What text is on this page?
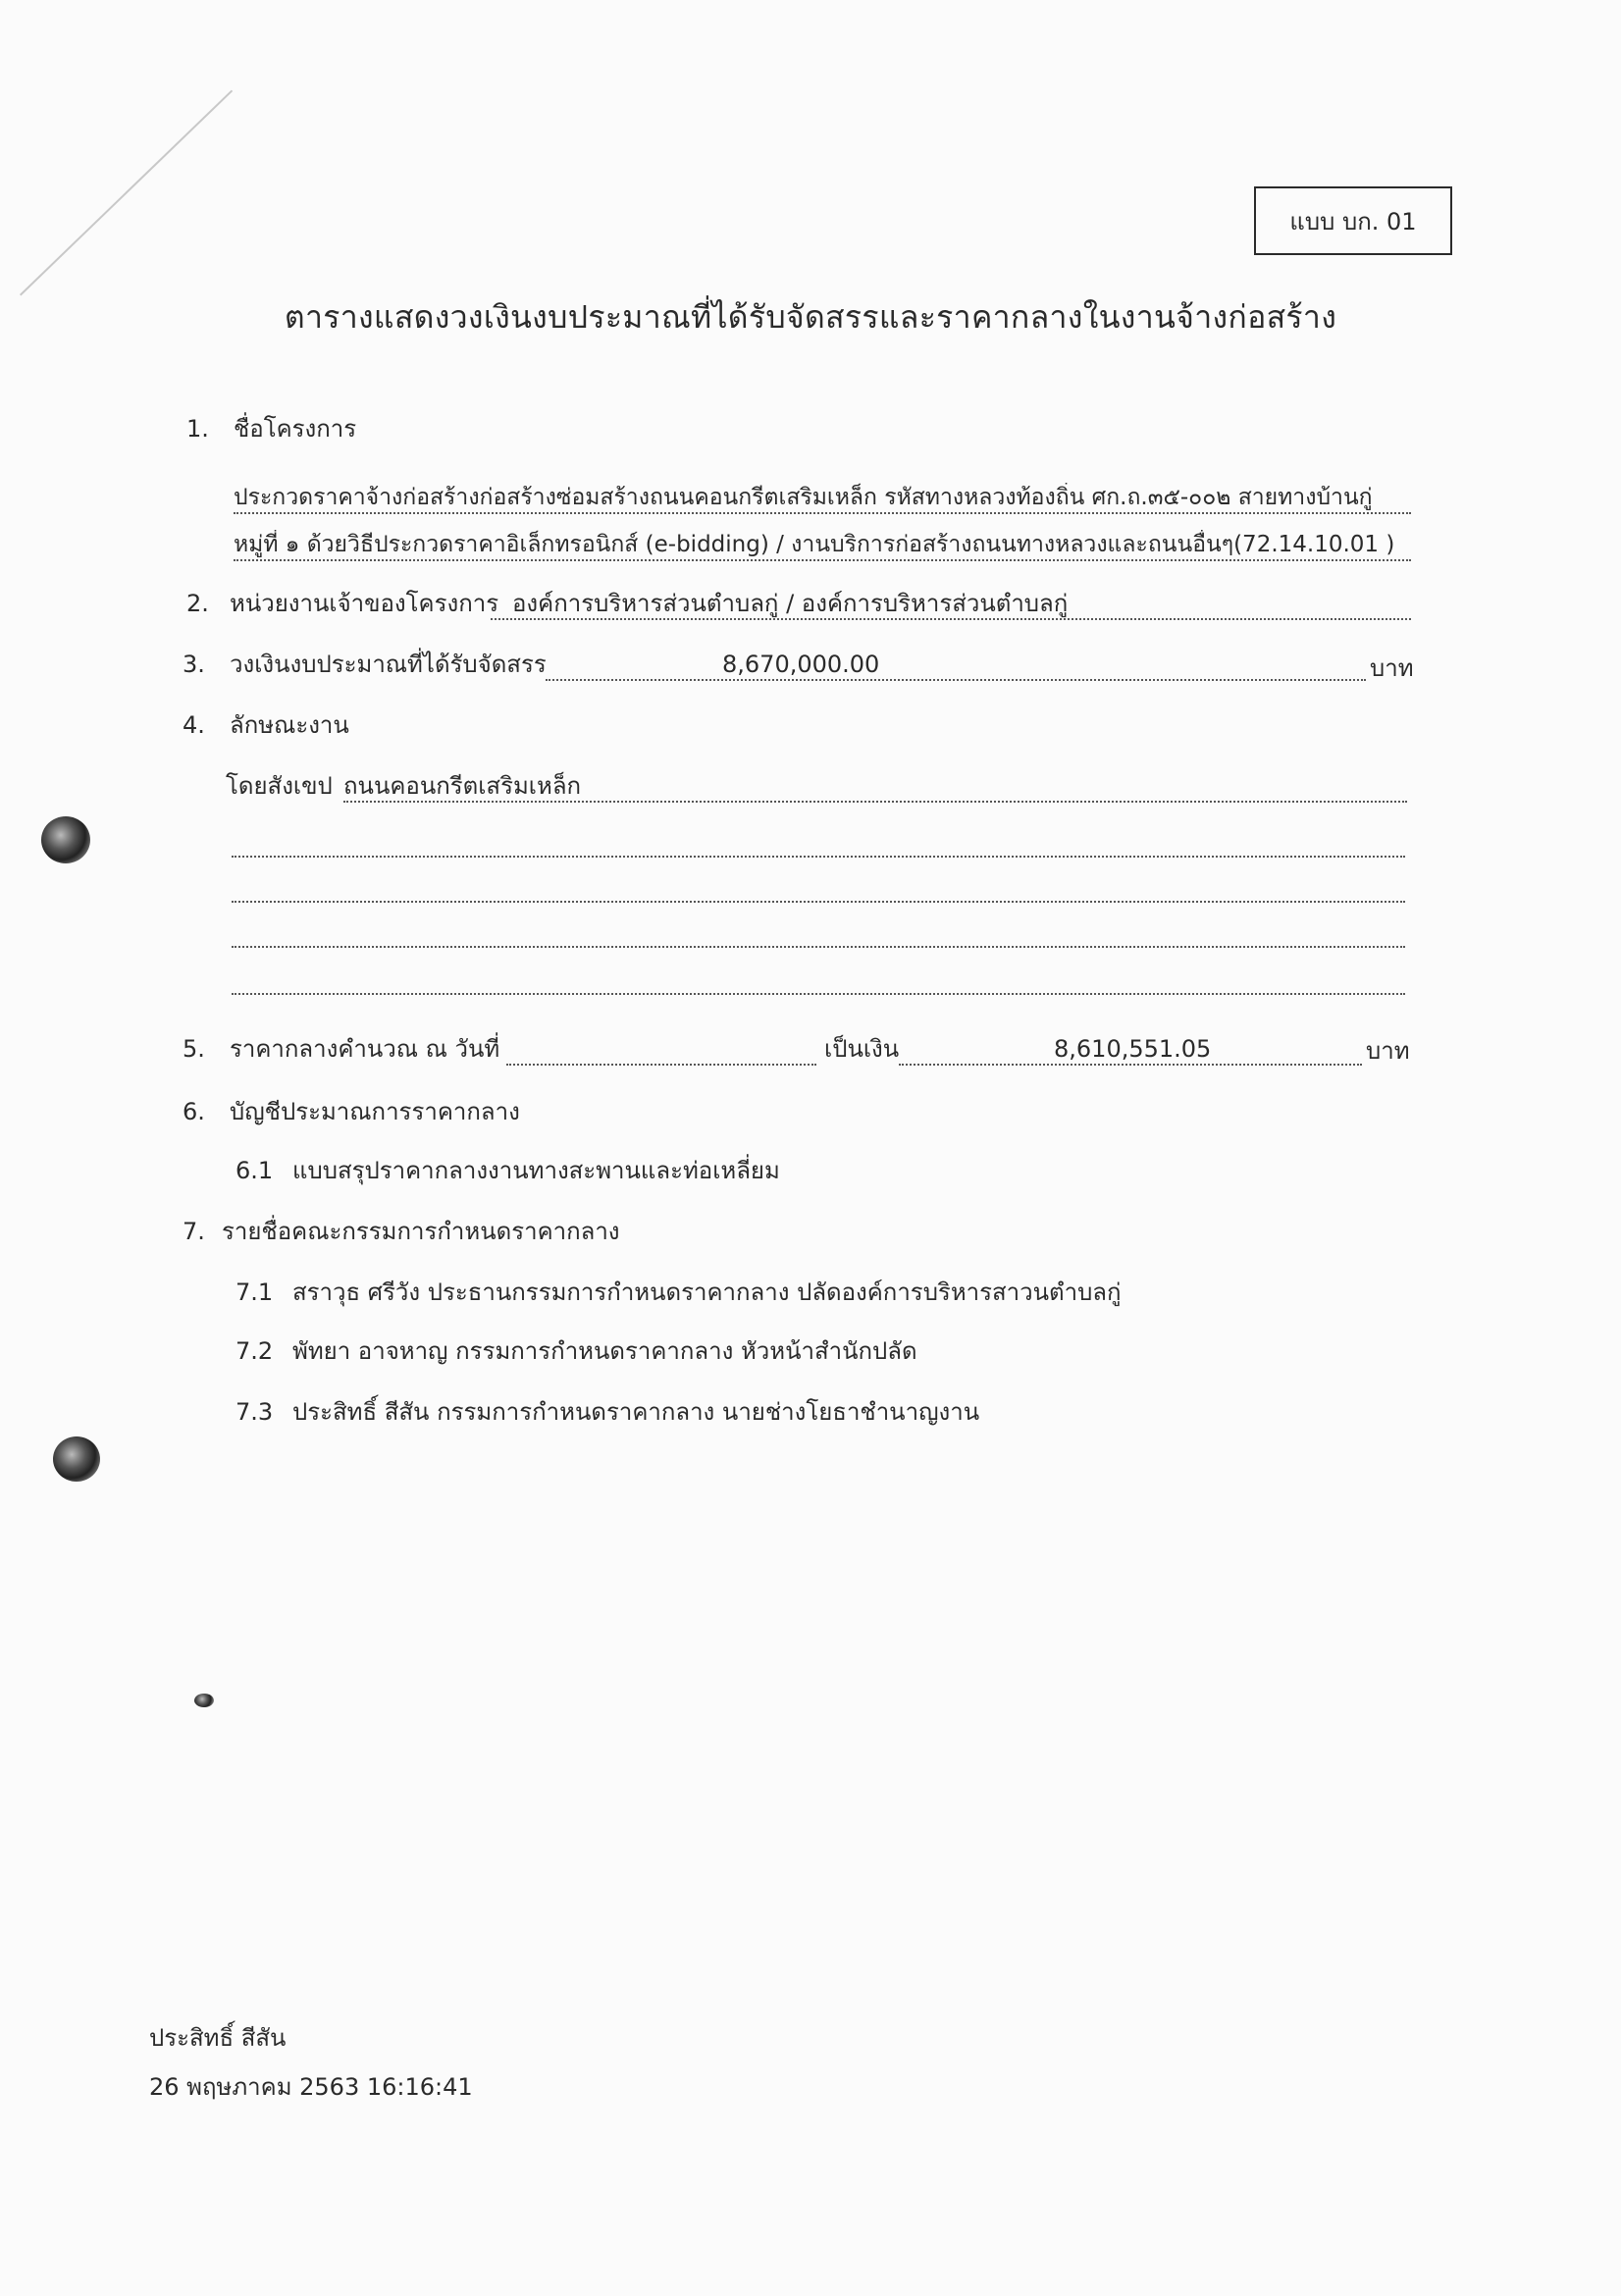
แบบ บก. 01
ตารางแสดงวงเงินงบประมาณที่ได้รับจัดสรรและราคากลางในงานจ้างก่อสร้าง
1. ชื่อโครงการ
ประกวดราคาจ้างก่อสร้างก่อสร้างซ่อมสร้างถนนคอนกรีตเสริมเหล็ก รหัสทางหลวงท้องถิ่น ศก.ถ.๓๕-๐๐๒ สายทางบ้านกู่
หมู่ที่ ๑ ด้วยวิธีประกวดราคาอิเล็กทรอนิกส์ (e-bidding) / งานบริการก่อสร้างถนนทางหลวงและถนนอื่นๆ(72.14.10.01 )
2. หน่วยงานเจ้าของโครงการ องค์การบริหารส่วนตำบลกู่ / องค์การบริหารส่วนตำบลกู่
3. วงเงินงบประมาณที่ได้รับจัดสรร	8,670,000.00	บาท
4. ลักษณะงาน
โดยสังเขป ถนนคอนกรีตเสริมเหล็ก
5. ราคากลางคำนวณ ณ วันที่	เป็นเงิน	8,610,551.05	บาท
6. บัญชีประมาณการราคากลาง
6.1 แบบสรุปราคากลางงานทางสะพานและท่อเหลี่ยม
7. รายชื่อคณะกรรมการกำหนดราคากลาง
7.1 สราวุธ ศรีวัง ประธานกรรมการกำหนดราคากลาง ปลัดองค์การบริหารสาวนตำบลกู่
7.2 พัทยา อาจหาญ กรรมการกำหนดราคากลาง หัวหน้าสำนักปลัด
7.3 ประสิทธิ์ สีสัน กรรมการกำหนดราคากลาง นายช่างโยธาชำนาญงาน
ประสิทธิ์ สีสัน
26 พฤษภาคม 2563 16:16:41
